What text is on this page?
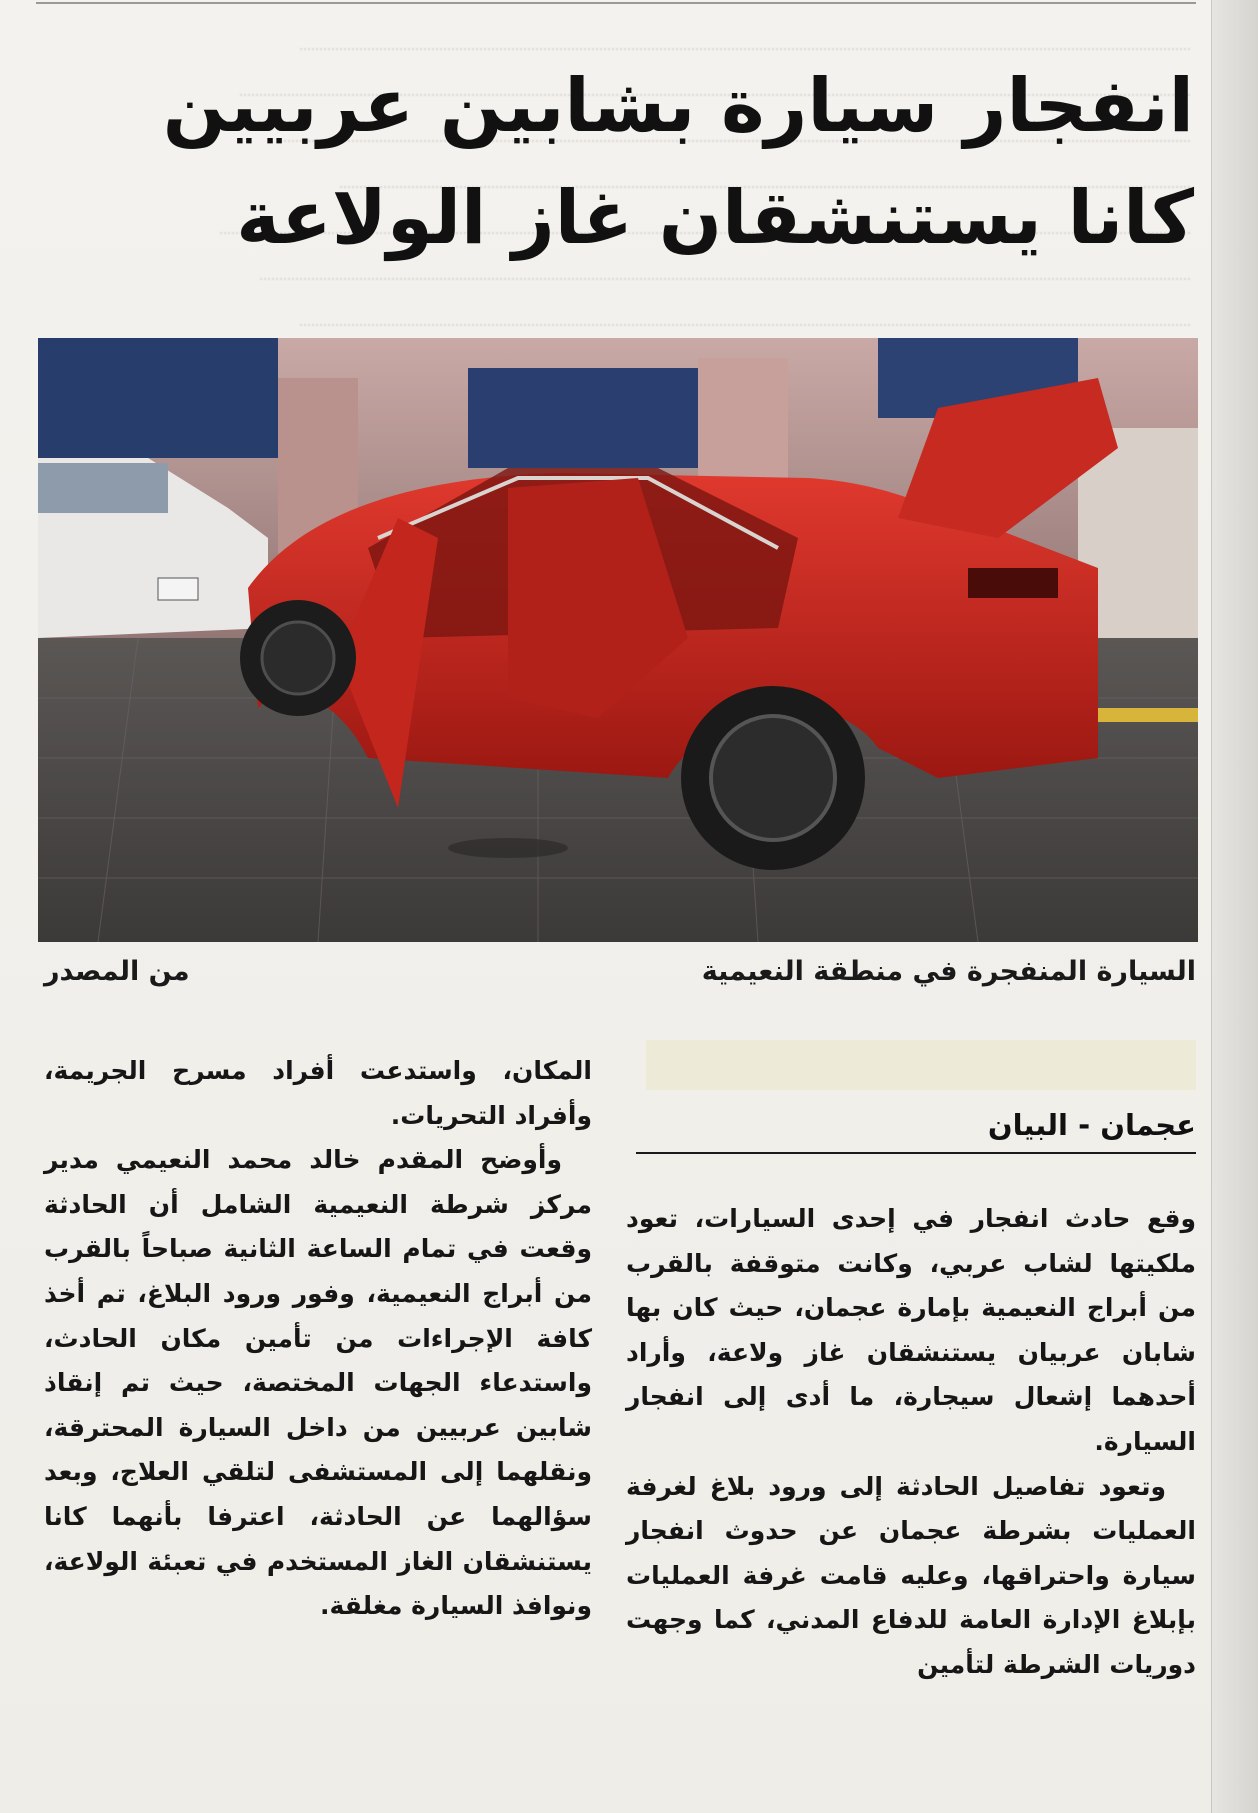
انفجار سيارة بشابين عربيين
كانا يستنشقان غاز الولاعة
السيارة المنفجرة في منطقة النعيمية
من المصدر
عجمان - البيان

وقع حادث انفجار في إحدى السيارات، تعود ملكيتها لشاب عربي، وكانت متوقفة بالقرب من أبراج النعيمية بإمارة عجمان، حيث كان بها شابان عربيان يستنشقان غاز ولاعة، وأراد أحدهما إشعال سيجارة، ما أدى إلى انفجار السيارة.

وتعود تفاصيل الحادثة إلى ورود بلاغ لغرفة العمليات بشرطة عجمان عن حدوث انفجار سيارة واحتراقها، وعليه قامت غرفة العمليات بإبلاغ الإدارة العامة للدفاع المدني، كما وجهت دوريات الشرطة لتأمين

المكان، واستدعت أفراد مسرح الجريمة، وأفراد التحريات.

وأوضح المقدم خالد محمد النعيمي مدير مركز شرطة النعيمية الشامل أن الحادثة وقعت في تمام الساعة الثانية صباحاً بالقرب من أبراج النعيمية، وفور ورود البلاغ، تم أخذ كافة الإجراءات من تأمين مكان الحادث، واستدعاء الجهات المختصة، حيث تم إنقاذ شابين عربيين من داخل السيارة المحترقة، ونقلهما إلى المستشفى لتلقي العلاج، وبعد سؤالهما عن الحادثة، اعترفا بأنهما كانا يستنشقان الغاز المستخدم في تعبئة الولاعة، ونوافذ السيارة مغلقة.
